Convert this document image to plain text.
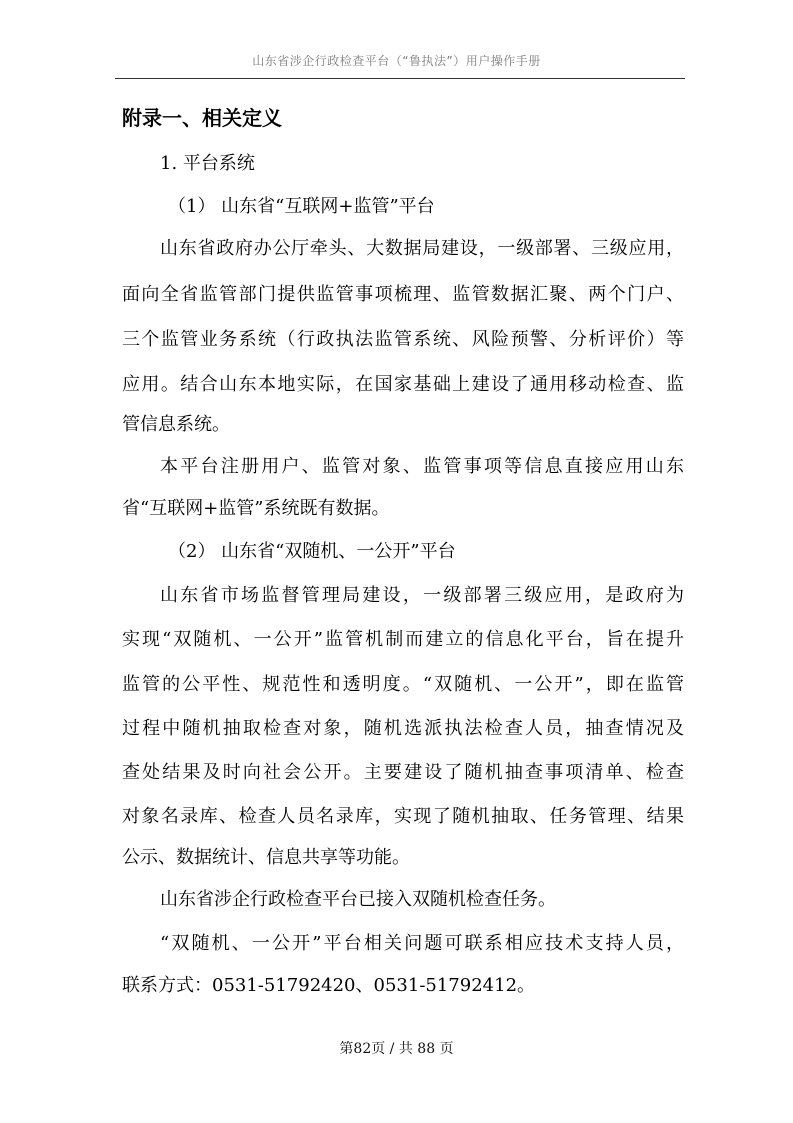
山东省涉企行政检查平台（“鲁执法”）用户操作手册
附录一、相关定义
1. 平台系统
（1） 山东省“互联网+监管”平台
山东省政府办公厅牵头、大数据局建设，一级部署、三级应用，
面向全省监管部门提供监管事项梳理、监管数据汇聚、两个门户、
三个监管业务系统（行政执法监管系统、风险预警、分析评价）等
应用。结合山东本地实际，在国家基础上建设了通用移动检查、监
管信息系统。
本平台注册用户、监管对象、监管事项等信息直接应用山东
省“互联网+监管”系统既有数据。
（2） 山东省“双随机、一公开”平台
山东省市场监督管理局建设，一级部署三级应用，是政府为
实现“双随机、一公开”监管机制而建立的信息化平台，旨在提升
监管的公平性、规范性和透明度。“双随机、一公开”，即在监管
过程中随机抽取检查对象，随机选派执法检查人员，抽查情况及
查处结果及时向社会公开。主要建设了随机抽查事项清单、检查
对象名录库、检查人员名录库，实现了随机抽取、任务管理、结果
公示、数据统计、信息共享等功能。
山东省涉企行政检查平台已接入双随机检查任务。
“双随机、一公开”平台相关问题可联系相应技术支持人员，
联系方式：0531-51792420、0531-51792412。
第82页 / 共 88 页
